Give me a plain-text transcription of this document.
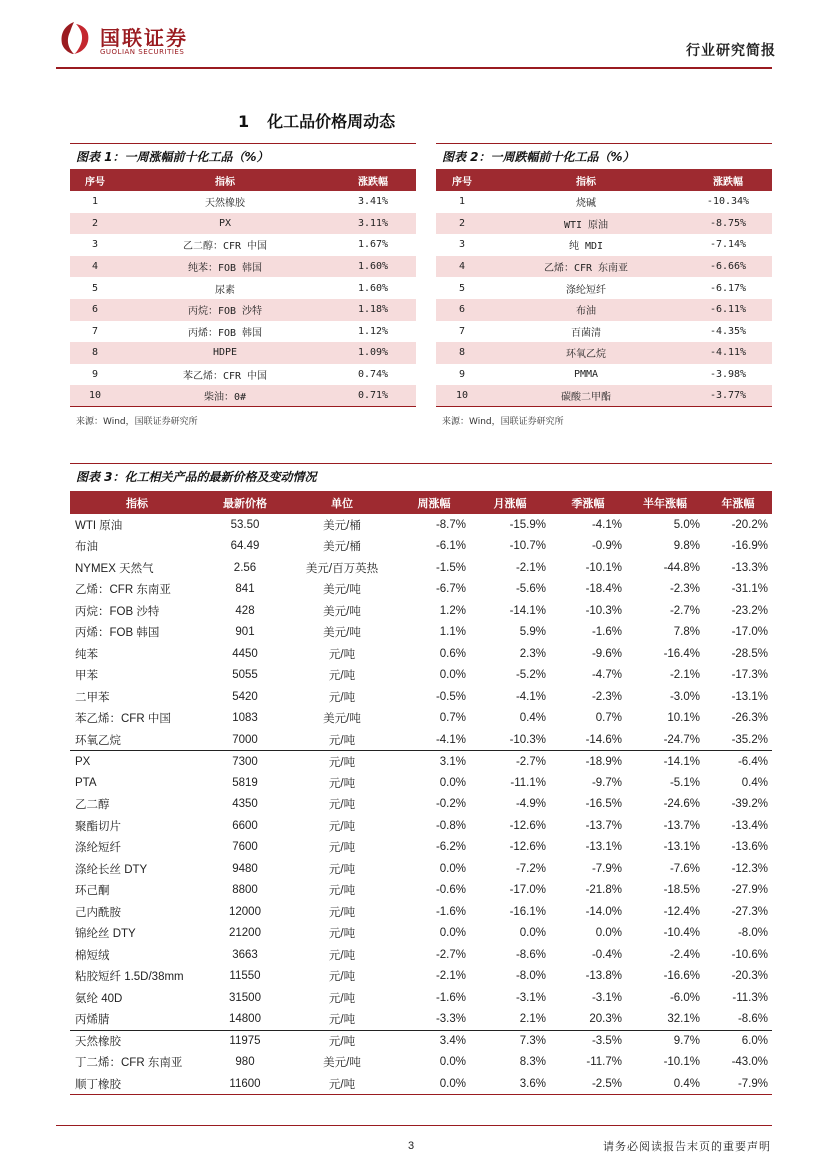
国联证券
GUOLIAN SECURITIES	行业研究简报
1 化工品价格周动态
图表 1：一周涨幅前十化工品（%）
序号	指标	涨跌幅
1	天然橡胶	3.41%
2	PX	3.11%
3	乙二醇：CFR 中国	1.67%
4	纯苯：FOB 韩国	1.60%
5	尿素	1.60%
6	丙烷：FOB 沙特	1.18%
7	丙烯：FOB 韩国	1.12%
8	HDPE	1.09%
9	苯乙烯：CFR 中国	0.74%
10	柴油：0#	0.71%
来源：Wind，国联证券研究所
图表 2：一周跌幅前十化工品（%）
序号	指标	涨跌幅
1	烧碱	-10.34%
2	WTI 原油	-8.75%
3	纯 MDI	-7.14%
4	乙烯：CFR 东南亚	-6.66%
5	涤纶短纤	-6.17%
6	布油	-6.11%
7	百菌清	-4.35%
8	环氧乙烷	-4.11%
9	PMMA	-3.98%
10	碳酸二甲酯	-3.77%
来源：Wind，国联证券研究所
图表 3：化工相关产品的最新价格及变动情况
指标	最新价格	单位	周涨幅	月涨幅	季涨幅	半年涨幅	年涨幅
WTI 原油	53.50	美元/桶	-8.7%	-15.9%	-4.1%	5.0%	-20.2%
布油	64.49	美元/桶	-6.1%	-10.7%	-0.9%	9.8%	-16.9%
NYMEX 天然气	2.56	美元/百万英热	-1.5%	-2.1%	-10.1%	-44.8%	-13.3%
乙烯：CFR 东南亚	841	美元/吨	-6.7%	-5.6%	-18.4%	-2.3%	-31.1%
丙烷：FOB 沙特	428	美元/吨	1.2%	-14.1%	-10.3%	-2.7%	-23.2%
丙烯：FOB 韩国	901	美元/吨	1.1%	5.9%	-1.6%	7.8%	-17.0%
纯苯	4450	元/吨	0.6%	2.3%	-9.6%	-16.4%	-28.5%
甲苯	5055	元/吨	0.0%	-5.2%	-4.7%	-2.1%	-17.3%
二甲苯	5420	元/吨	-0.5%	-4.1%	-2.3%	-3.0%	-13.1%
苯乙烯：CFR 中国	1083	美元/吨	0.7%	0.4%	0.7%	10.1%	-26.3%
环氧乙烷	7000	元/吨	-4.1%	-10.3%	-14.6%	-24.7%	-35.2%
PX	7300	元/吨	3.1%	-2.7%	-18.9%	-14.1%	-6.4%
PTA	5819	元/吨	0.0%	-11.1%	-9.7%	-5.1%	0.4%
乙二醇	4350	元/吨	-0.2%	-4.9%	-16.5%	-24.6%	-39.2%
聚酯切片	6600	元/吨	-0.8%	-12.6%	-13.7%	-13.7%	-13.4%
涤纶短纤	7600	元/吨	-6.2%	-12.6%	-13.1%	-13.1%	-13.6%
涤纶长丝 DTY	9480	元/吨	0.0%	-7.2%	-7.9%	-7.6%	-12.3%
环己酮	8800	元/吨	-0.6%	-17.0%	-21.8%	-18.5%	-27.9%
己内酰胺	12000	元/吨	-1.6%	-16.1%	-14.0%	-12.4%	-27.3%
锦纶丝 DTY	21200	元/吨	0.0%	0.0%	0.0%	-10.4%	-8.0%
棉短绒	3663	元/吨	-2.7%	-8.6%	-0.4%	-2.4%	-10.6%
粘胶短纤 1.5D/38mm	11550	元/吨	-2.1%	-8.0%	-13.8%	-16.6%	-20.3%
氨纶 40D	31500	元/吨	-1.6%	-3.1%	-3.1%	-6.0%	-11.3%
丙烯腈	14800	元/吨	-3.3%	2.1%	20.3%	32.1%	-8.6%
天然橡胶	11975	元/吨	3.4%	7.3%	-3.5%	9.7%	6.0%
丁二烯：CFR 东南亚	980	美元/吨	0.0%	8.3%	-11.7%	-10.1%	-43.0%
顺丁橡胶	11600	元/吨	0.0%	3.6%	-2.5%	0.4%	-7.9%
3	请务必阅读报告末页的重要声明
